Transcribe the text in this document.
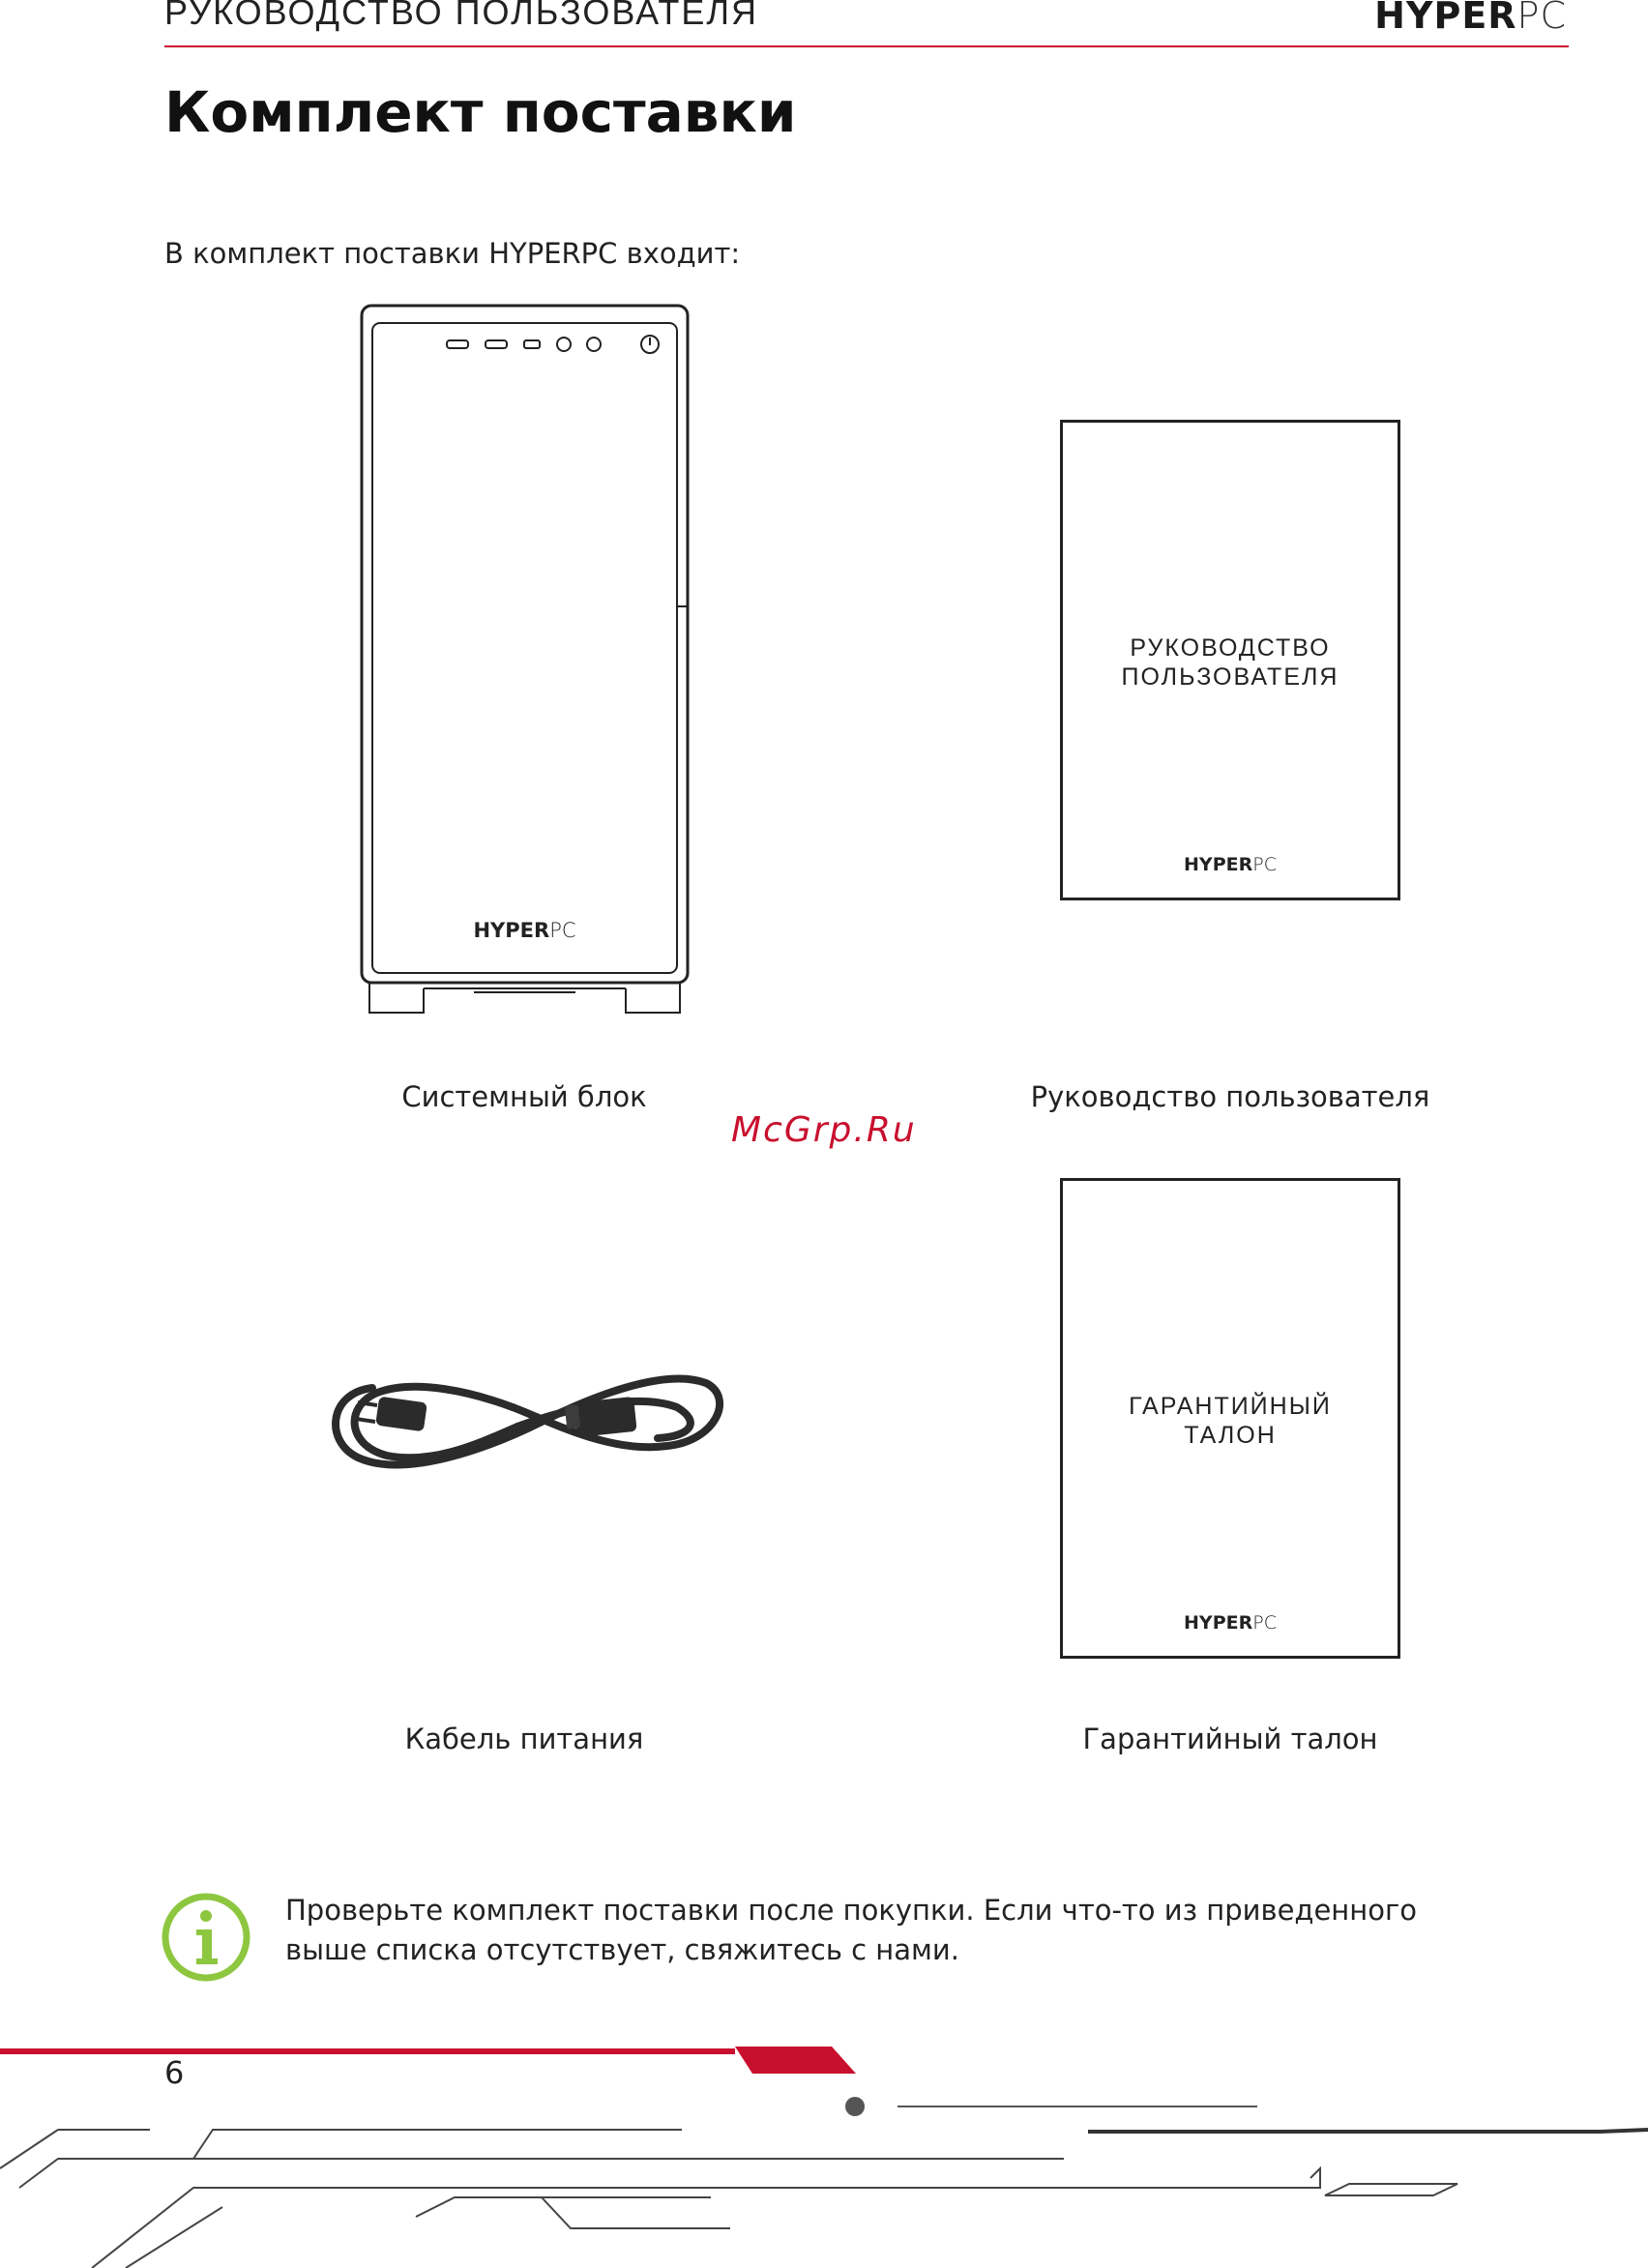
РУКОВОДСТВО ПОЛЬЗОВАТЕЛЯ	HYPERPC
Комплект поставки
В комплект поставки HYPERPC входит:
HYPERPC
Системный блок
РУКОВОДСТВО
ПОЛЬЗОВАТЕЛЯ
HYPERPC
Руководство пользователя
McGrp.Ru
Кабель питания
ГАРАНТИЙНЫЙ
ТАЛОН
HYPERPC
Гарантийный талон
Проверьте комплект поставки после покупки. Если что-то из приведенного выше списка отсутствует, свяжитесь с нами.
6
